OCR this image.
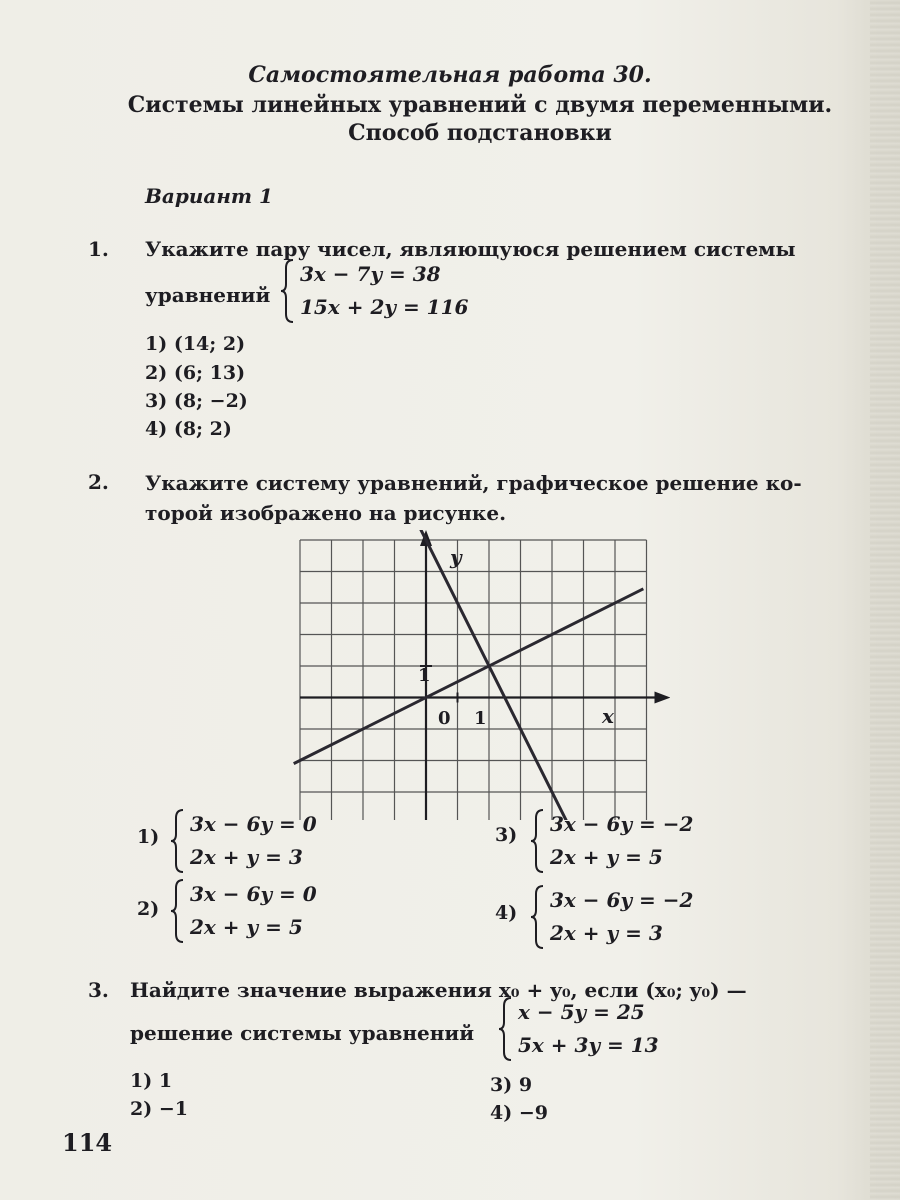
Самостоятельная работа 30.
Системы линейных уравнений с двумя переменными.
Способ подстановки
Вариант 1
1. Укажите пару чисел, являющуюся решением системы
уравнений
3x − 7y = 38
15x + 2y = 116
1) (14; 2)
2) (6; 13)
3) (8; −2)
4) (8; 2)
2. Укажите систему уравнений, графическое решение ко-
торой изображено на рисунке.
y
x
0 1
1
1)
3x − 6y = 0
2x + y = 3
3) 3x − 6y = −2
2x + y = 5
2)
3x − 6y = 0
2x + y = 5
4)
3x − 6y = −2
2x + y = 3
3. Найдите значение выражения x₀ + y₀, если (x₀; y₀) —
решение системы уравнений
x − 5y = 25
5x + 3y = 13
1) 1
2) −1
3) 9
4) −9
114
